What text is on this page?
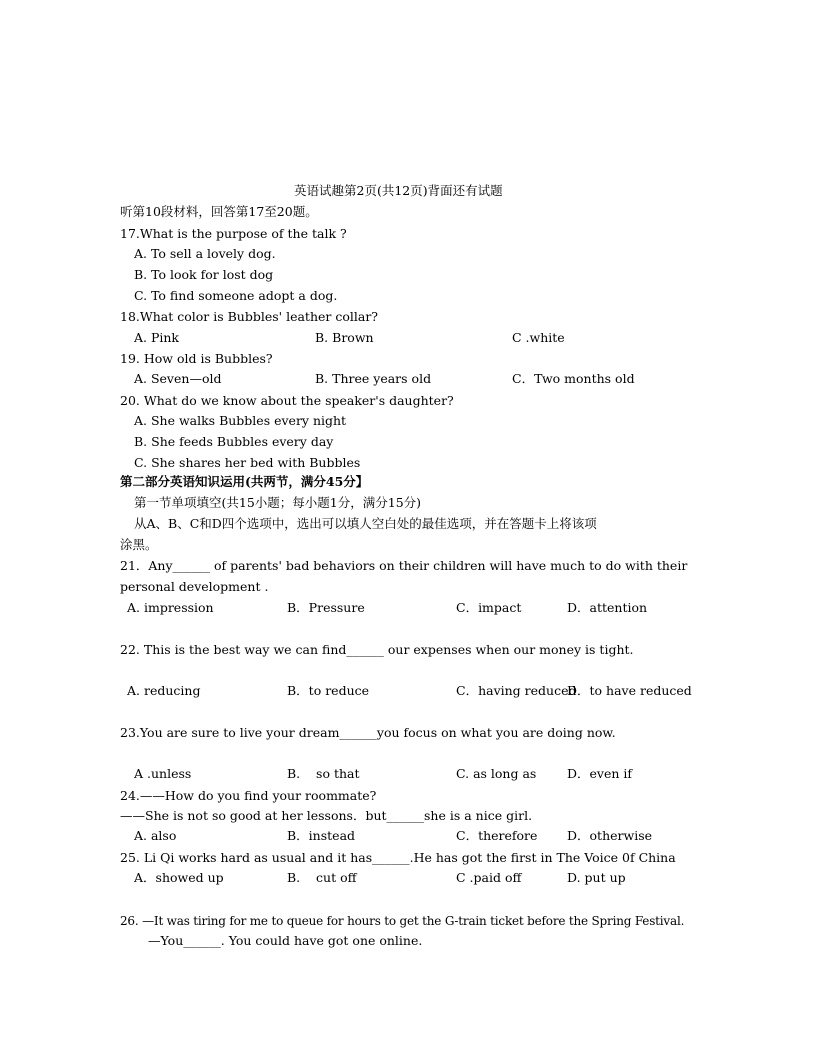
英语试趣第2页(共12页)背面还有试题
听第10段材料，回答第17至20题。
17.What is the purpose of the talk ?
A. To sell a lovely dog.
B. To look for lost dog
C. To find someone adopt a dog.
18.What color is Bubbles' leather collar?
A. Pink	B. Brown	C .white
19. How old is Bubbles?
A. Seven—old	B. Three years old	C．Two months old
20. What do we know about the speaker's daughter?
A. She walks Bubbles every night
B. She feeds Bubbles every day
C. She shares her bed with Bubbles
第二部分英语知识运用(共两节，满分45分】
第一节单项填空(共15小题；每小题1分，满分15分)
从A、B、C和D四个选项中，选出可以填人空白处的最佳选项，并在答题卡上将该项
涂黑。
21．Any______ of parents' bad behaviors on their children will have much to do with their
personal development .
A. impression	B．Pressure	C．impact	D．attention
22. This is the best way we can find______ our expenses when our money is tight.
A. reducing	B．to reduce	C．having reduced
D．to have reduced
23.You are sure to live your dream______you focus on what you are doing now.
A .unless	B.    so that	C. as long as D．even if
24.——How do you find your roommate?
——She is not so good at her lessons．but______she is a nice girl.
A. also	B．instead	C．therefore D．otherwise
25. Li Qi works hard as usual and it has______.He has got the first in The Voice 0f China
A．showed up	B.    cut off	C .paid off	D. put up
26. —It was tiring for me to queue for hours to get the G-train ticket before the Spring Festival.
—You______. You could have got one online.
